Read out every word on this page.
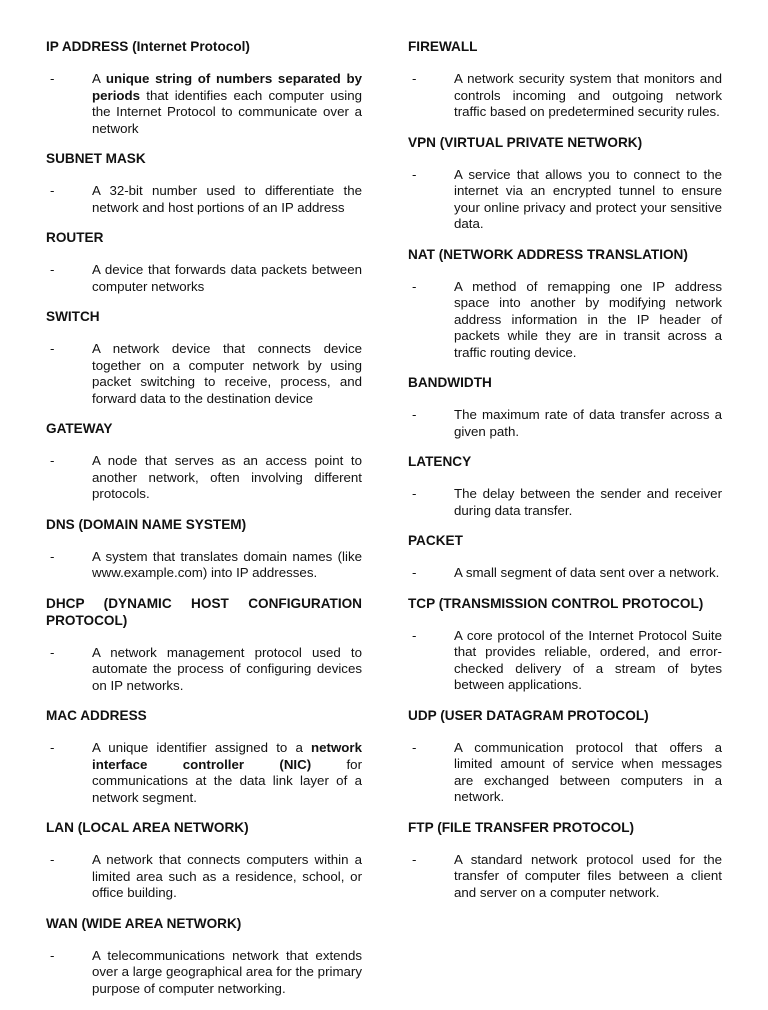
IP ADDRESS (Internet Protocol)
-	A unique string of numbers separated by periods that identifies each computer using the Internet Protocol to communicate over a network
SUBNET MASK
-	A 32-bit number used to differentiate the network and host portions of an IP address
ROUTER
-	A device that forwards data packets between computer networks
SWITCH
-	A network device that connects device together on a computer network by using packet switching to receive, process, and forward data to the destination device
GATEWAY
-	A node that serves as an access point to another network, often involving different protocols.
DNS (DOMAIN NAME SYSTEM)
-	A system that translates domain names (like www.example.com) into IP addresses.
DHCP (DYNAMIC HOST CONFIGURATION PROTOCOL)
-	A network management protocol used to automate the process of configuring devices on IP networks.
MAC ADDRESS
-	A unique identifier assigned to a network interface controller (NIC) for communications at the data link layer of a network segment.
LAN (LOCAL AREA NETWORK)
-	A network that connects computers within a limited area such as a residence, school, or office building.
WAN (WIDE AREA NETWORK)
-	A telecommunications network that extends over a large geographical area for the primary purpose of computer networking.
FIREWALL
-	A network security system that monitors and controls incoming and outgoing network traffic based on predetermined security rules.
VPN (VIRTUAL PRIVATE NETWORK)
-	A service that allows you to connect to the internet via an encrypted tunnel to ensure your online privacy and protect your sensitive data.
NAT (NETWORK ADDRESS TRANSLATION)
-	A method of remapping one IP address space into another by modifying network address information in the IP header of packets while they are in transit across a traffic routing device.
BANDWIDTH
-	The maximum rate of data transfer across a given path.
LATENCY
-	The delay between the sender and receiver during data transfer.
PACKET
-	A small segment of data sent over a network.
TCP (TRANSMISSION CONTROL PROTOCOL)
-	A core protocol of the Internet Protocol Suite that provides reliable, ordered, and error-checked delivery of a stream of bytes between applications.
UDP (USER DATAGRAM PROTOCOL)
-	A communication protocol that offers a limited amount of service when messages are exchanged between computers in a network.
FTP (FILE TRANSFER PROTOCOL)
-	A standard network protocol used for the transfer of computer files between a client and server on a computer network.
